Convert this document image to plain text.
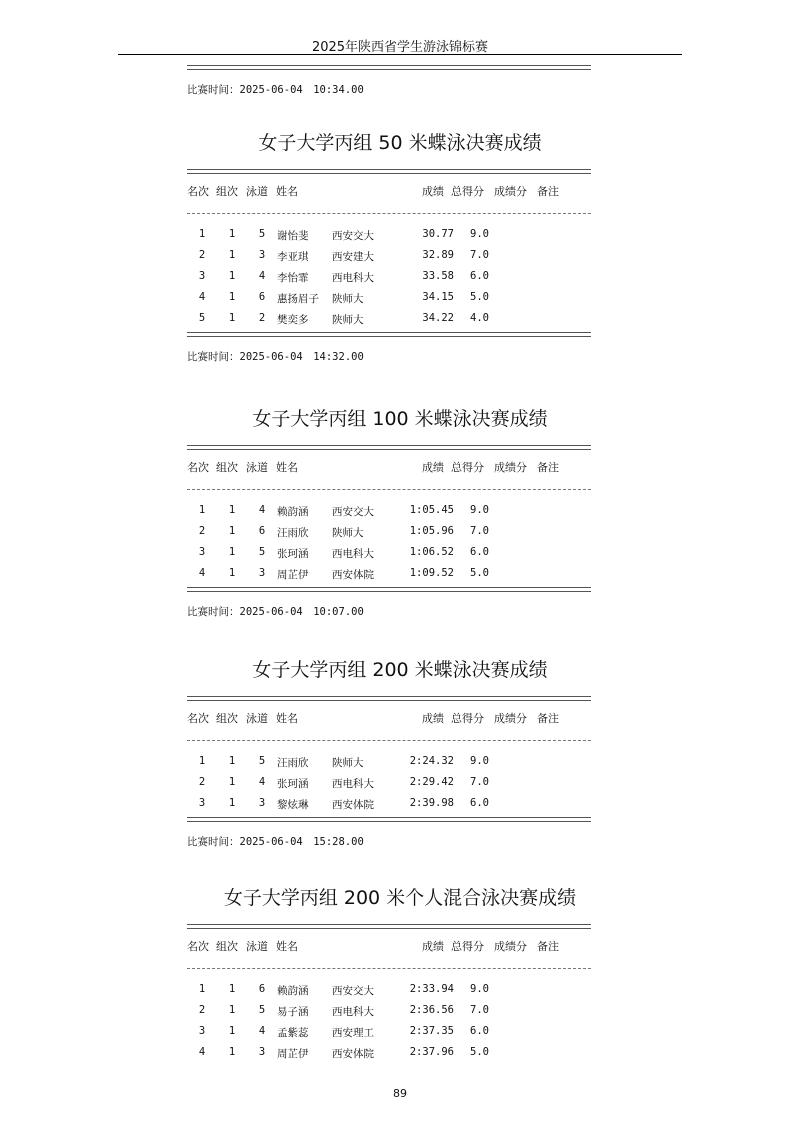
2025年陕西省学生游泳锦标赛
比赛时间：2025-06-04　10:34.00
女子大学丙组 50 米蝶泳决赛成绩
名次 组次 泳道 姓名	成绩 总得分 成绩分 备注
1 1 5 谢怡斐 西安交大	30.77 9.0
2 1 3 李亚琪 西安建大	32.89 7.0
3 1 4 李怡霏 西电科大	33.58 6.0
4 1 6 惠扬眉子 陕师大	34.15 5.0
5 1 2 樊奕多 陕师大	34.22 4.0
比赛时间：2025-06-04　14:32.00
女子大学丙组 100 米蝶泳决赛成绩
名次 组次 泳道 姓名	成绩 总得分 成绩分 备注
1 1 4 赖韵涵 西安交大	1:05.45 9.0
2 1 6 汪雨欣 陕师大	1:05.96 7.0
3 1 5 张珂涵 西电科大	1:06.52 6.0
4 1 3 周芷伊 西安体院	1:09.52 5.0
比赛时间：2025-06-04　10:07.00
女子大学丙组 200 米蝶泳决赛成绩
名次 组次 泳道 姓名	成绩 总得分 成绩分 备注
1 1 5 汪雨欣 陕师大	2:24.32 9.0
2 1 4 张珂涵 西电科大	2:29.42 7.0
3 1 3 黎炫琳 西安体院	2:39.98 6.0
比赛时间：2025-06-04　15:28.00
女子大学丙组 200 米个人混合泳决赛成绩
名次 组次 泳道 姓名	成绩 总得分 成绩分 备注
1 1 6 赖韵涵 西安交大	2:33.94 9.0
2 1 5 易子涵 西电科大	2:36.56 7.0
3 1 4 孟紫蕊 西安理工	2:37.35 6.0
4 1 3 周芷伊 西安体院	2:37.96 5.0
89
